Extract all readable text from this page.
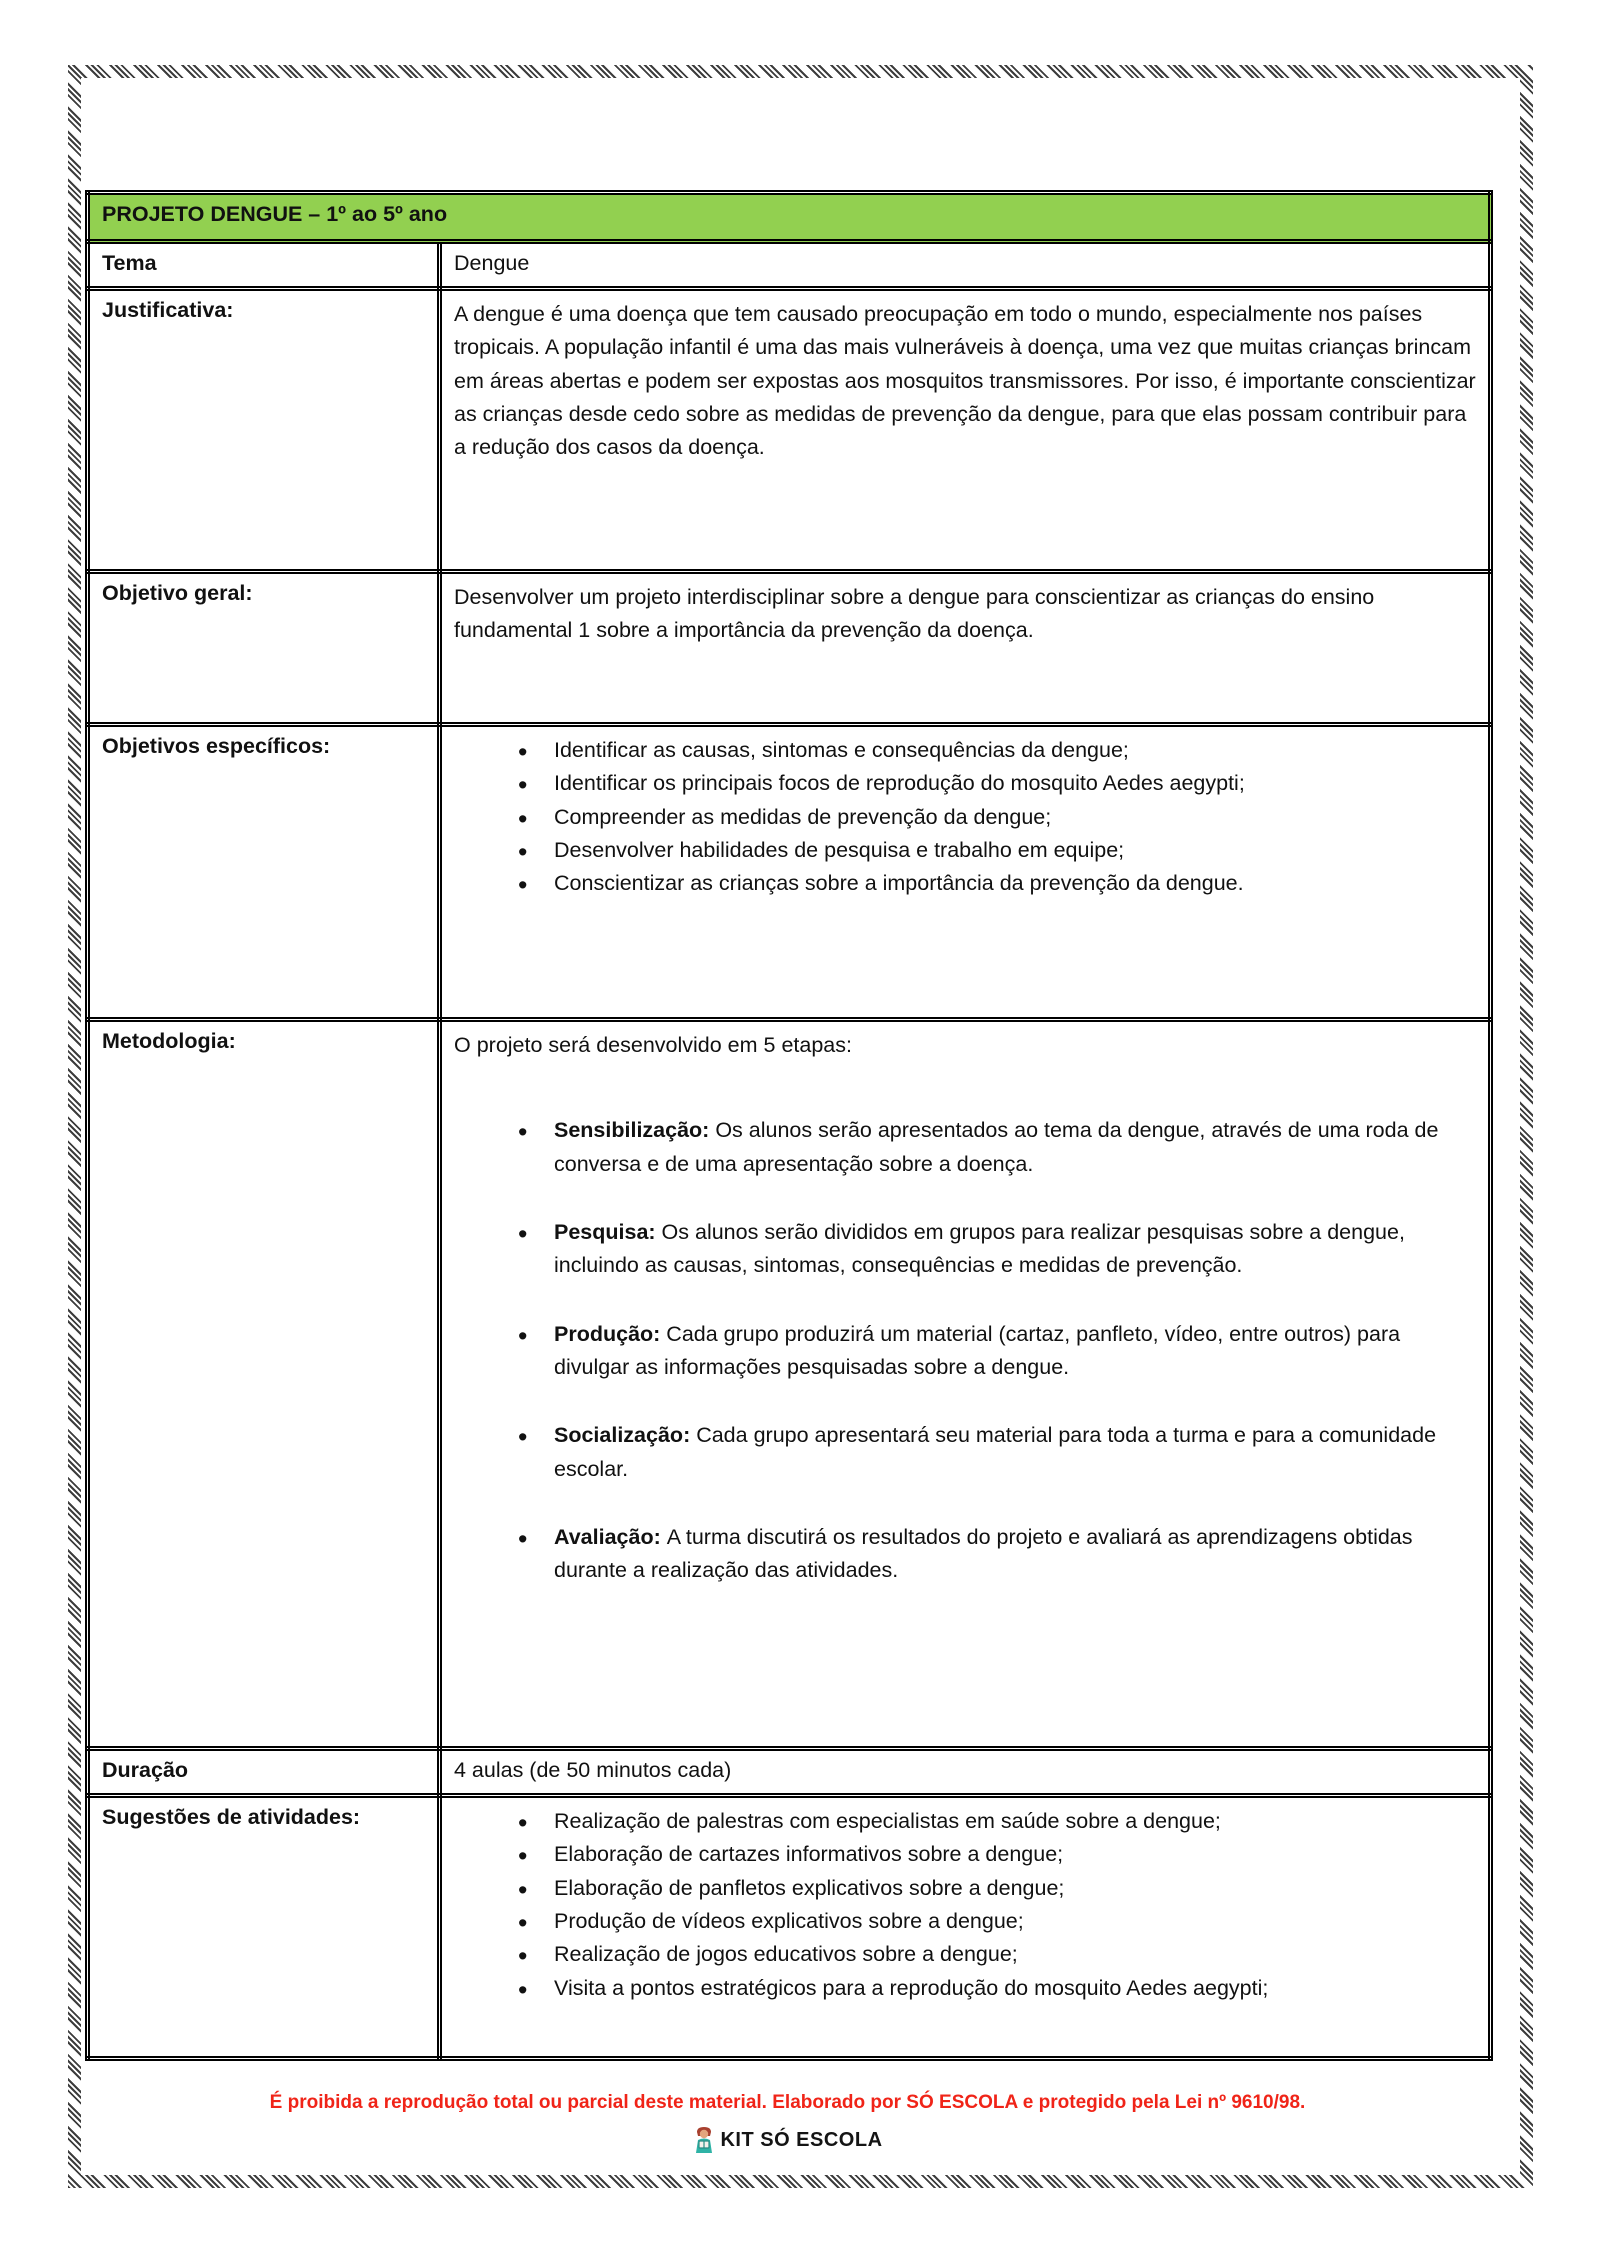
PROJETO DENGUE – 1º ao 5º ano	
Tema	Dengue
Justificativa:	A dengue é uma doença que tem causado preocupação em todo o mundo, especialmente nos países tropicais. A população infantil é uma das mais vulneráveis à doença, uma vez que muitas crianças brincam em áreas abertas e podem ser expostas aos mosquitos transmissores. Por isso, é importante conscientizar as crianças desde cedo sobre as medidas de prevenção da dengue, para que elas possam contribuir para a redução dos casos da doença.

Objetivo geral:	Desenvolver um projeto interdisciplinar sobre a dengue para conscientizar as crianças do ensino fundamental 1 sobre a importância da prevenção da doença.

Objetivos específicos:	
•Identificar as causas, sintomas e consequências da dengue;
• Identificar os principais focos de reprodução do mosquito Aedes aegypti;
• Compreender as medidas de prevenção da dengue;
• Desenvolver habilidades de pesquisa e trabalho em equipe;
• Conscientizar as crianças sobre a importância da prevenção da dengue.

Metodologia:	O projeto será desenvolvido em 5 etapas:

• Sensibilização: Os alunos serão apresentados ao tema da dengue, através de uma roda de conversa e de uma apresentação sobre a doença.
• Pesquisa: Os alunos serão divididos em grupos para realizar pesquisas sobre a dengue, incluindo as causas, sintomas, consequências e medidas de prevenção.
• Produção: Cada grupo produzirá um material (cartaz, panfleto, vídeo, entre outros) para divulgar as informações pesquisadas sobre a dengue.
• Socialização: Cada grupo apresentará seu material para toda a turma e para a comunidade escolar.
• Avaliação: A turma discutirá os resultados do projeto e avaliará as aprendizagens obtidas durante a realização das atividades.

Duração	4 aulas (de 50 minutos cada)
Sugestões de atividades:	
•Realização de palestras com especialistas em saúde sobre a dengue;
• Elaboração de cartazes informativos sobre a dengue;
• Elaboração de panfletos explicativos sobre a dengue;
• Produção de vídeos explicativos sobre a dengue;
• Realização de jogos educativos sobre a dengue;
• Visita a pontos estratégicos para a reprodução do mosquito Aedes aegypti;

É proibida a reprodução total ou parcial deste material. Elaborado por SÓ ESCOLA e protegido pela Lei nº 9610/98.

KIT SÓ ESCOLA
